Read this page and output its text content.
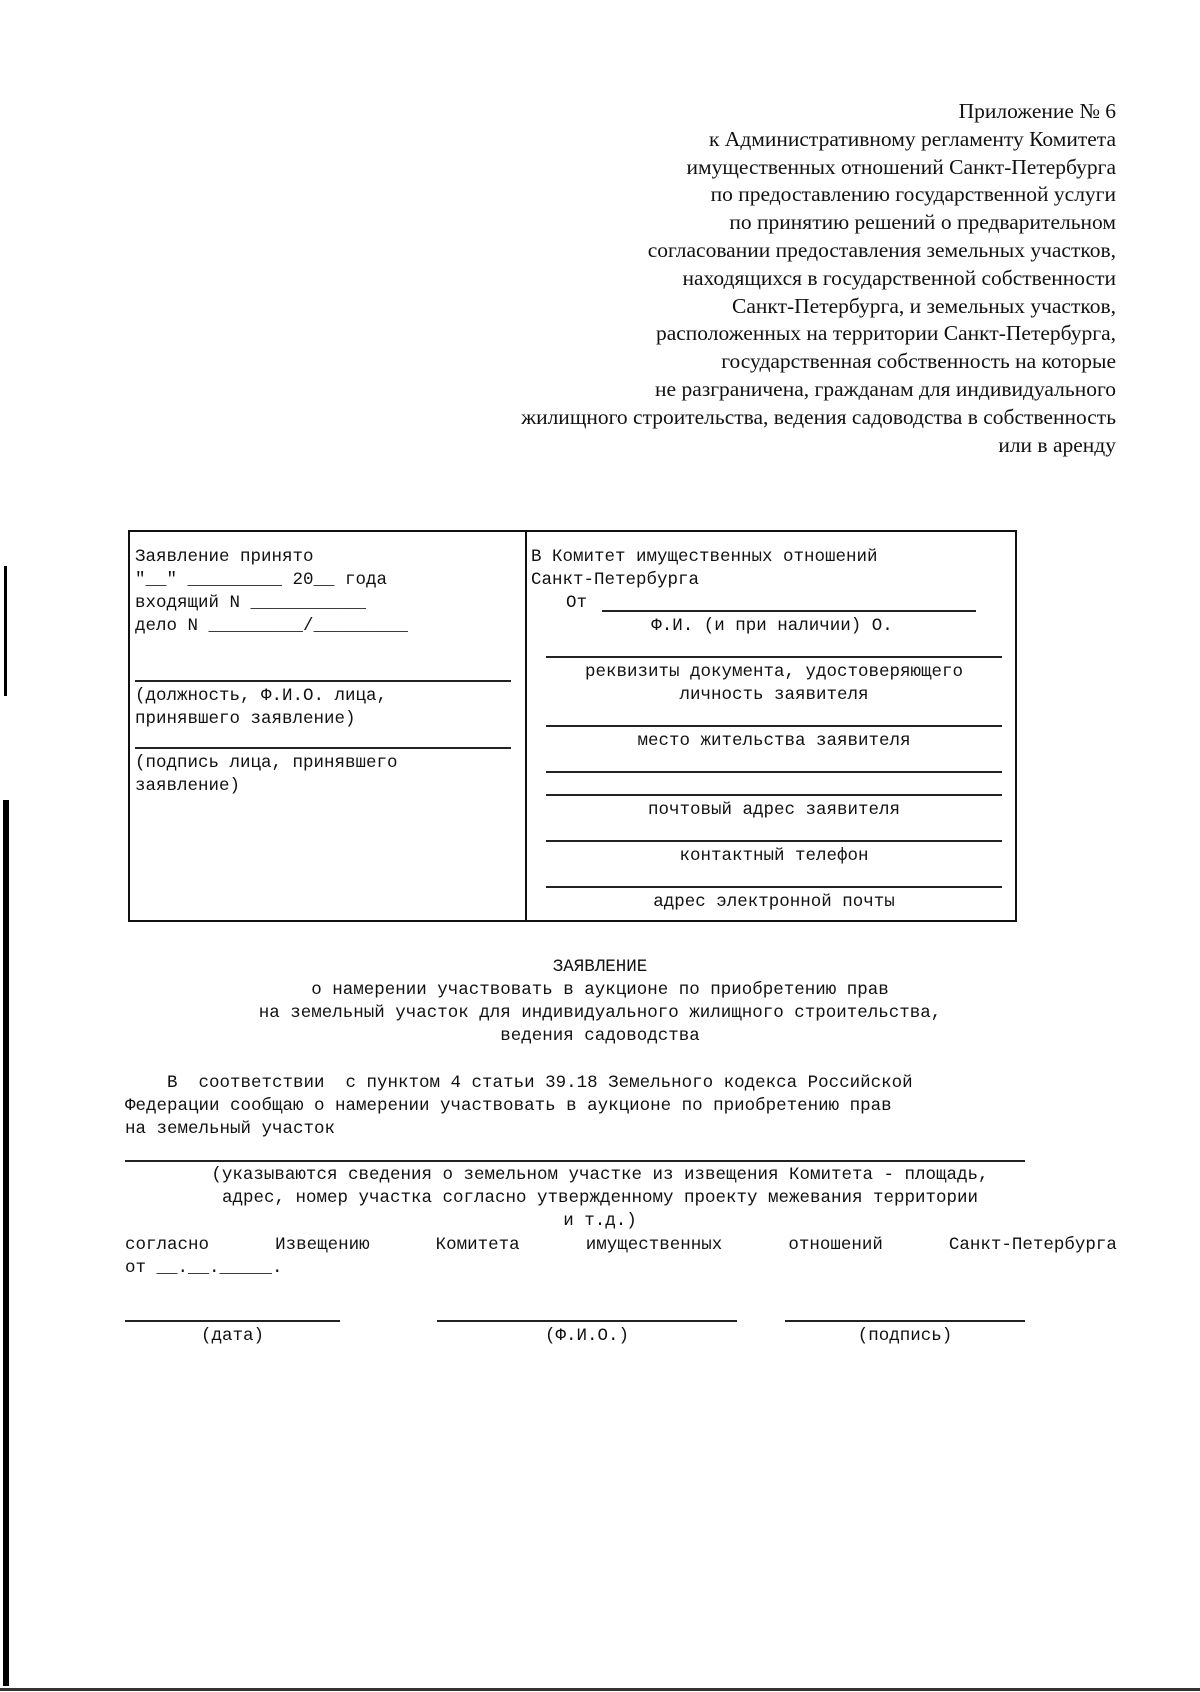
Приложение № 6
к Административному регламенту Комитета
имущественных отношений Санкт-Петербурга
по предоставлению государственной услуги
по принятию решений о предварительном
согласовании предоставления земельных участков,
находящихся в государственной собственности
Санкт-Петербурга, и земельных участков,
расположенных на территории Санкт-Петербурга,
государственная собственность на которые
не разграничена, гражданам для индивидуального
жилищного строительства, ведения садоводства в собственность
или в аренду
Заявление принято
"__" _________ 20__ года
входящий N ___________
дело N _________/_________
(должность, Ф.И.О. лица,
принявшего заявление)
(подпись лица, принявшего
заявление)
В Комитет имущественных отношений
Санкт-Петербурга
От
Ф.И. (и при наличии) О.
реквизиты документа, удостоверяющего
личность заявителя
место жительства заявителя
почтовый адрес заявителя
контактный телефон
адрес электронной почты
ЗАЯВЛЕНИЕ
о намерении участвовать в аукционе по приобретению прав
на земельный участок для индивидуального жилищного строительства,
ведения садоводства
В  соответствии  с пунктом 4 статьи 39.18 Земельного кодекса Российской
Федерации сообщаю о намерении участвовать в аукционе по приобретению прав
на земельный участок
(указываются сведения о земельном участке из извещения Комитета - площадь,
адрес, номер участка согласно утвержденному проекту межевания территории
и т.д.)
согласно	Извещению	Комитета	имущественных	отношений	Санкт-Петербурга
от __.__._____.
(дата)	(Ф.И.О.)	(подпись)
